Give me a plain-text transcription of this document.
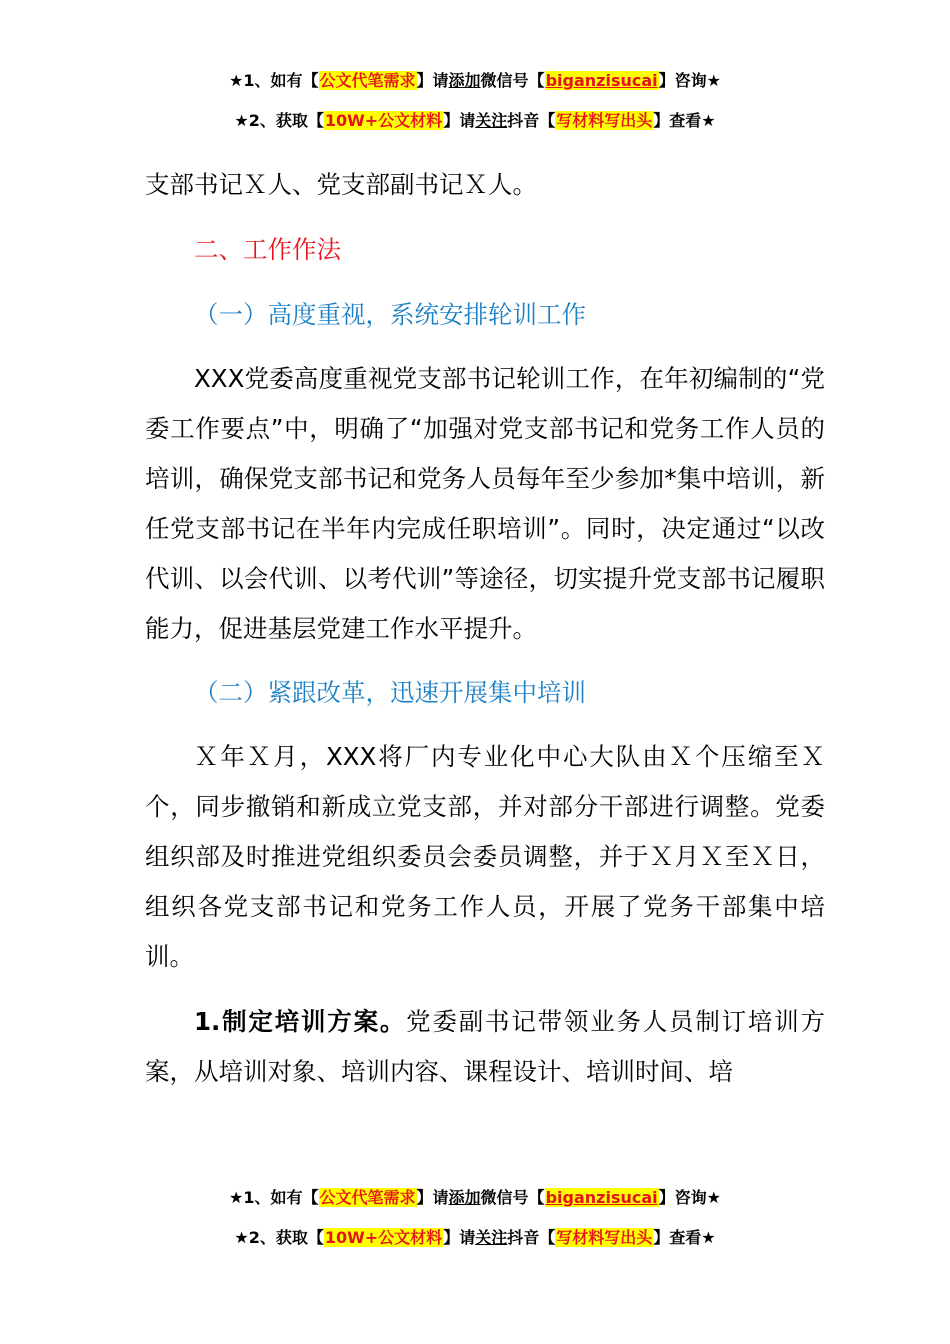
★1、如有【公文代笔需求】请添加微信号【biganzisucai】咨询★
★2、获取【10W+公文材料】请关注抖音【写材料写出头】查看★

支部书记Ｘ人、党支部副书记Ｘ人。

二、工作作法

（一）高度重视，系统安排轮训工作

XXX党委高度重视党支部书记轮训工作，在年初编制的“党委工作要点”中，明确了“加强对党支部书记和党务工作人员的培训，确保党支部书记和党务人员每年至少参加*集中培训，新任党支部书记在半年内完成任职培训”。同时，决定通过“以改代训、以会代训、以考代训”等途径，切实提升党支部书记履职能力，促进基层党建工作水平提升。

（二）紧跟改革，迅速开展集中培训

Ｘ年Ｘ月，XXX将厂内专业化中心大队由Ｘ个压缩至Ｘ个，同步撤销和新成立党支部，并对部分干部进行调整。党委组织部及时推进党组织委员会委员调整，并于Ｘ月Ｘ至Ｘ日，组织各党支部书记和党务工作人员，开展了党务干部集中培训。

1.制定培训方案。党委副书记带领业务人员制订培训方案，从培训对象、培训内容、课程设计、培训时间、培

★1、如有【公文代笔需求】请添加微信号【biganzisucai】咨询★
★2、获取【10W+公文材料】请关注抖音【写材料写出头】查看★
